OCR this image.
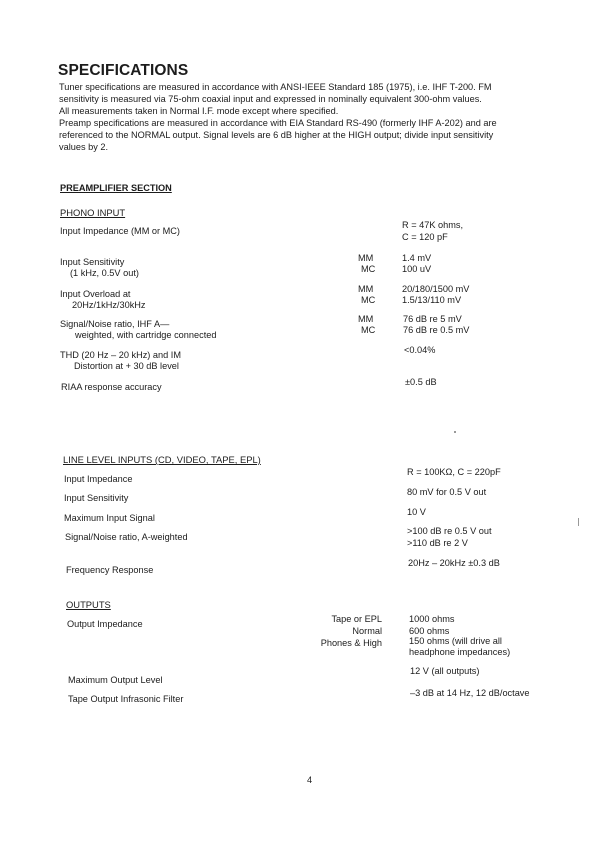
SPECIFICATIONS
Tuner specifications are measured in accordance with ANSI-IEEE Standard 185 (1975), i.e. IHF T-200. FM
sensitivity is measured via 75-ohm coaxial input and expressed in nominally equivalent 300-ohm values.
All measurements taken in Normal I.F. mode except where specified.
Preamp specifications are measured in accordance with EIA Standard RS-490 (formerly IHF A-202) and are
referenced to the NORMAL output. Signal levels are 6 dB higher at the HIGH output; divide input sensitivity
values by 2.
PREAMPLIFIER SECTION
PHONO INPUT
Input Impedance (MM or MC)
R = 47K ohms,
C = 120 pF
Input Sensitivity
(1 kHz, 0.5V out)
MM
MC
1.4 mV
100 uV
Input Overload at
20Hz/1kHz/30kHz
MM
MC
20/180/1500 mV
1.5/13/110 mV
Signal/Noise ratio, IHF A—
weighted, with cartridge connected
MM
MC
76 dB re 5 mV
76 dB re 0.5 mV
THD (20 Hz – 20 kHz) and IM
Distortion at + 30 dB level
<0.04%
RIAA response accuracy	±0.5 dB
LINE LEVEL INPUTS (CD, VIDEO, TAPE, EPL)
Input Impedance
R = 100KΩ, C = 220pF
Input Sensitivity
80 mV for 0.5 V out
Maximum Input Signal
10 V
Signal/Noise ratio, A-weighted
>100 dB re 0.5 V out
>110 dB re 2 V
Frequency Response
20Hz – 20kHz ±0.3 dB
OUTPUTS
Output Impedance	Tape or EPL
Normal
Phones & High
1000 ohms
600 ohms
150 ohms (will drive all
headphone impedances)
Maximum Output Level
12 V (all outputs)
Tape Output Infrasonic Filter
–3 dB at 14 Hz, 12 dB/octave
4
